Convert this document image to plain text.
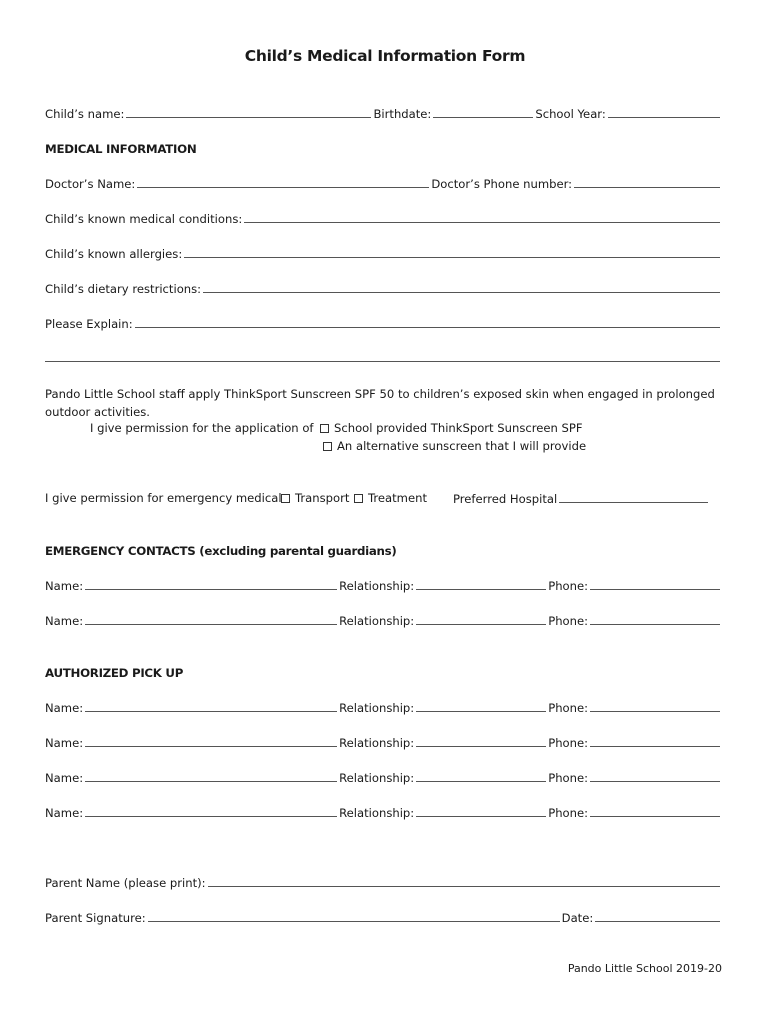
Child’s Medical Information Form
Child’s name:	Birthdate:	School Year:
MEDICAL INFORMATION
Doctor’s Name:	Doctor’s Phone number:
Child’s known medical conditions:
Child’s known allergies:
Child’s dietary restrictions:
Please Explain:
Pando Little School staff apply ThinkSport Sunscreen SPF 50 to children’s exposed skin when engaged in prolonged outdoor activities.
I give permission for the application of	School provided ThinkSport Sunscreen SPF
An alternative sunscreen that I will provide
I give permission for emergency medical	Transport	Treatment Preferred Hospital
EMERGENCY CONTACTS (excluding parental guardians)
Name:	Relationship:	Phone:
Name:	Relationship:	Phone:
AUTHORIZED PICK UP
Name:	Relationship:	Phone:
Name:	Relationship:	Phone:
Name:	Relationship:	Phone:
Name:	Relationship:	Phone:
Parent Name (please print):
Parent Signature:	Date:
Pando Little School 2019-20
